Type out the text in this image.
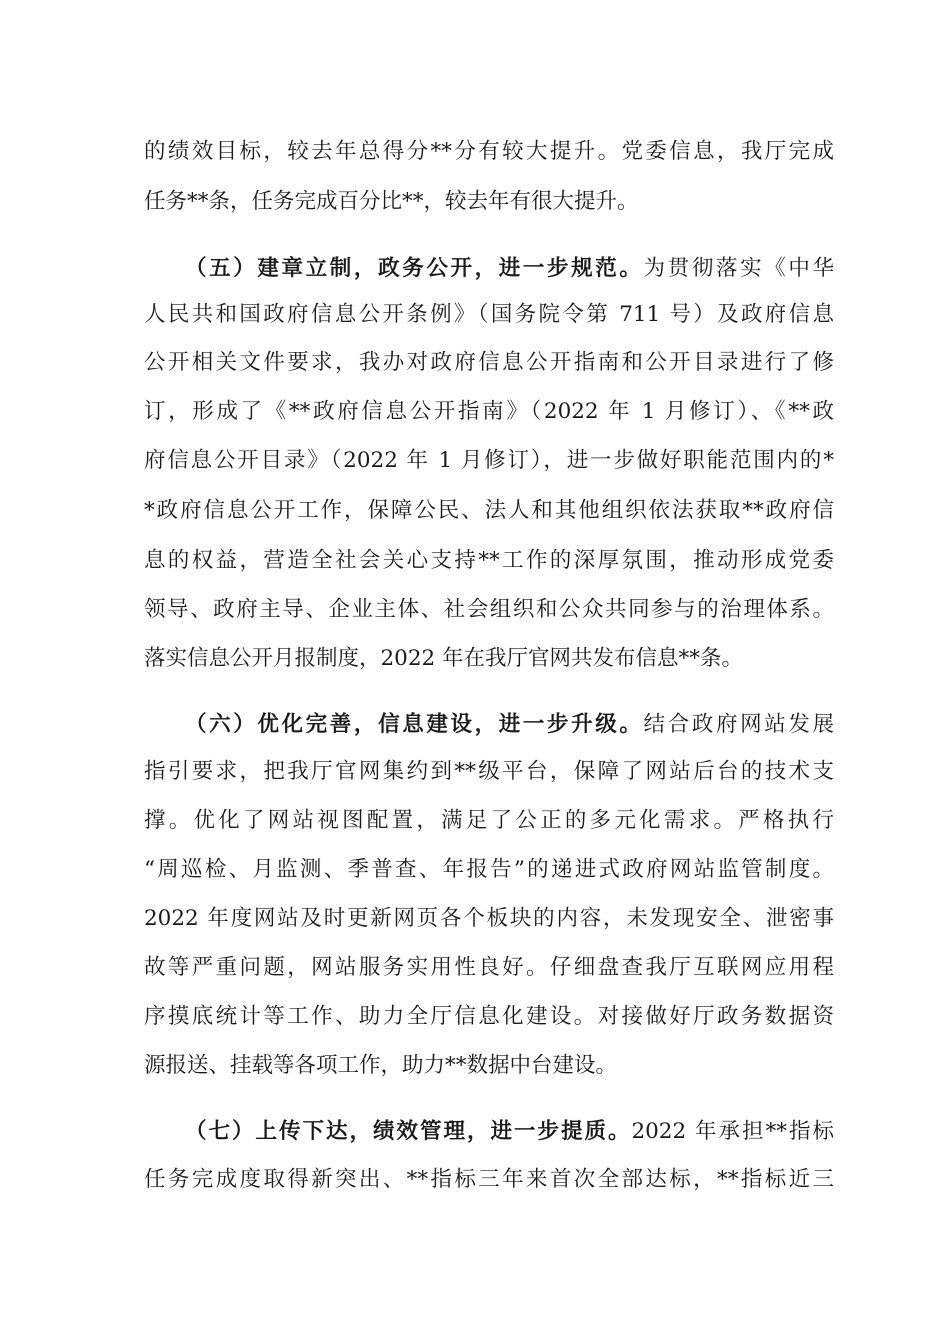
的绩效目标，较去年总得分**分有较大提升。党委信息，我厅完成
任务**条，任务完成百分比**，较去年有很大提升。
（五）建章立制，政务公开，进一步规范。为贯彻落实《中华
人民共和国政府信息公开条例》（国务院令第 711 号）及政府信息
公开相关文件要求，我办对政府信息公开指南和公开目录进行了修
订，形成了《**政府信息公开指南》（2022 年 1 月修订）、《**政
府信息公开目录》（2022 年 1 月修订），进一步做好职能范围内的*
*政府信息公开工作，保障公民、法人和其他组织依法获取**政府信
息的权益，营造全社会关心支持**工作的深厚氛围，推动形成党委
领导、政府主导、企业主体、社会组织和公众共同参与的治理体系。
落实信息公开月报制度，2022 年在我厅官网共发布信息**条。
（六）优化完善，信息建设，进一步升级。结合政府网站发展
指引要求，把我厅官网集约到**级平台，保障了网站后台的技术支
撑。优化了网站视图配置，满足了公正的多元化需求。严格执行
“周巡检、月监测、季普查、年报告”的递进式政府网站监管制度。
2022 年度网站及时更新网页各个板块的内容，未发现安全、泄密事
故等严重问题，网站服务实用性良好。仔细盘查我厅互联网应用程
序摸底统计等工作、助力全厅信息化建设。对接做好厅政务数据资
源报送、挂载等各项工作，助力**数据中台建设。
（七）上传下达，绩效管理，进一步提质。2022 年承担**指标
任务完成度取得新突出、**指标三年来首次全部达标，**指标近三
